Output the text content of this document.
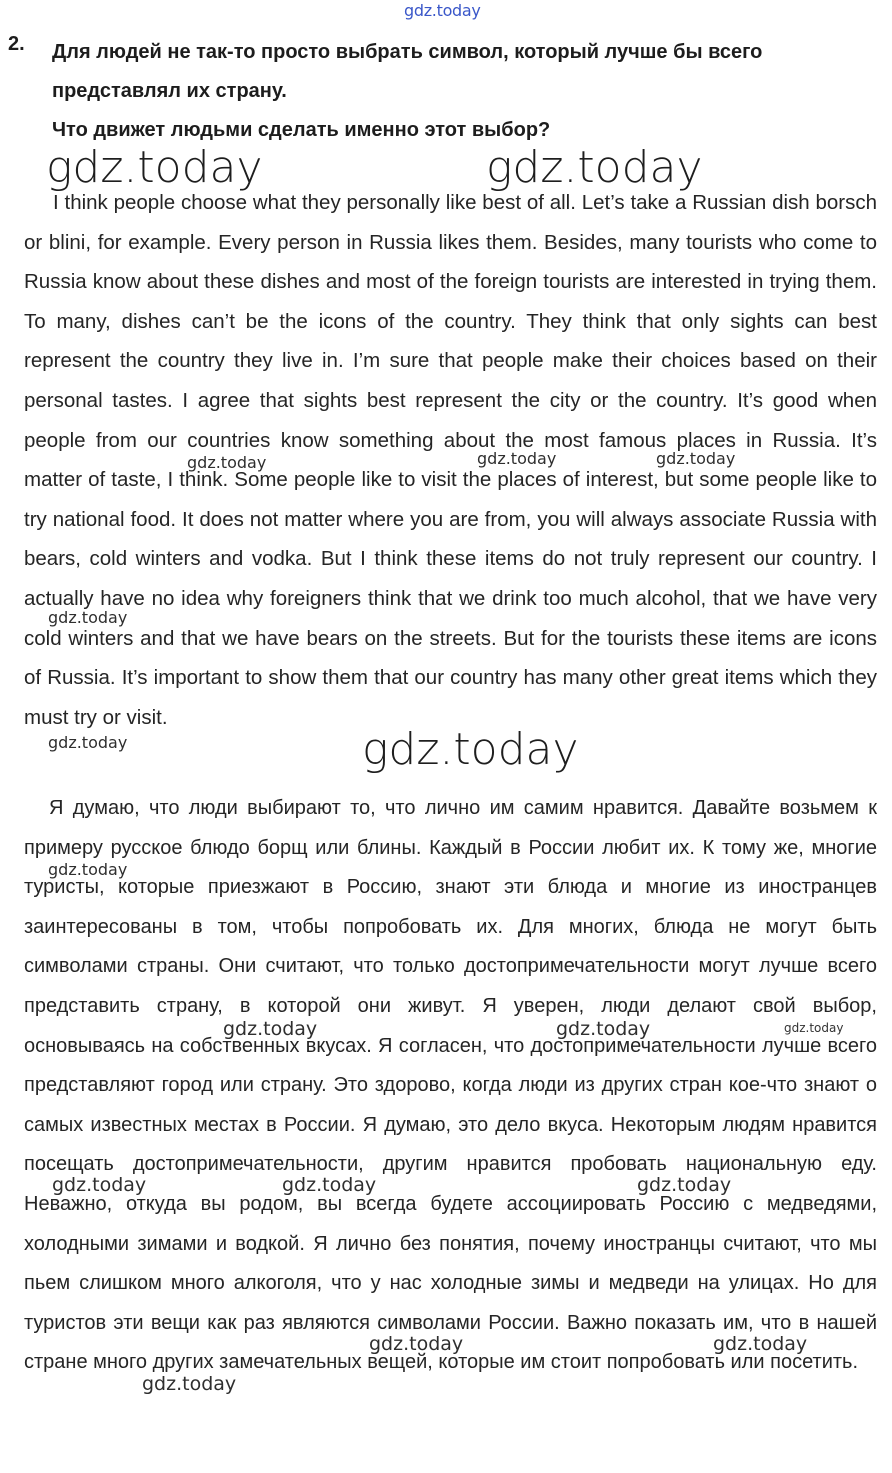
gdz.today
2. Для людей не так-то просто выбрать символ, который лучше бы всего представлял их страну.
Что движет людьми сделать именно этот выбор?
I think people choose what they personally like best of all. Let’s take a Russian dish borsch or blini, for example. Every person in Russia likes them. Besides, many tourists who come to Russia know about these dishes and most of the foreign tourists are interested in trying them. To many, dishes can’t be the icons of the country. They think that only sights can best represent the country they live in. I’m sure that people make their choices based on their personal tastes. I agree that sights best represent the city or the country. It’s good when people from our countries know something about the most famous places in Russia. It’s matter of taste, I think. Some people like to visit the places of interest, but some people like to try national food. It does not matter where you are from, you will always associate Russia with bears, cold winters and vodka. But I think these items do not truly represent our country. I actually have no idea why foreigners think that we drink too much alcohol, that we have very cold winters and that we have bears on the streets. But for the tourists these items are icons of Russia. It’s important to show them that our country has many other great items which they must try or visit.
Я думаю, что люди выбирают то, что лично им самим нравится. Давайте возьмем к примеру русское блюдо борщ или блины. Каждый в России любит их. К тому же, многие туристы, которые приезжают в Россию, знают эти блюда и многие из иностранцев заинтересованы в том, чтобы попробовать их. Для многих, блюда не могут быть символами страны. Они считают, что только достопримечательности могут лучше всего представить страну, в которой они живут. Я уверен, люди делают свой выбор, основываясь на собственных вкусах. Я согласен, что достопримечательности лучше всего представляют город или страну. Это здорово, когда люди из других стран кое-что знают о самых известных местах в России. Я думаю, это дело вкуса. Некоторым людям нравится посещать достопримечательности, другим нравится пробовать национальную еду. Неважно, откуда вы родом, вы всегда будете ассоциировать Россию с медведями, холодными зимами и водкой. Я лично без понятия, почему иностранцы считают, что мы пьем слишком много алкоголя, что у нас холодные зимы и медведи на улицах. Но для туристов эти вещи как раз являются символами России. Важно показать им, что в нашей стране много других замечательных вещей, которые им стоит попробовать или посетить.
gdz.today	gdz.today
gdz.today
gdz.today	gdz.today	gdz.today
gdz.today
gdz.today
gdz.today
gdz.today	gdz.today	gdz.today
gdz.today	gdz.today	gdz.today
gdz.today	gdz.today
gdz.today
